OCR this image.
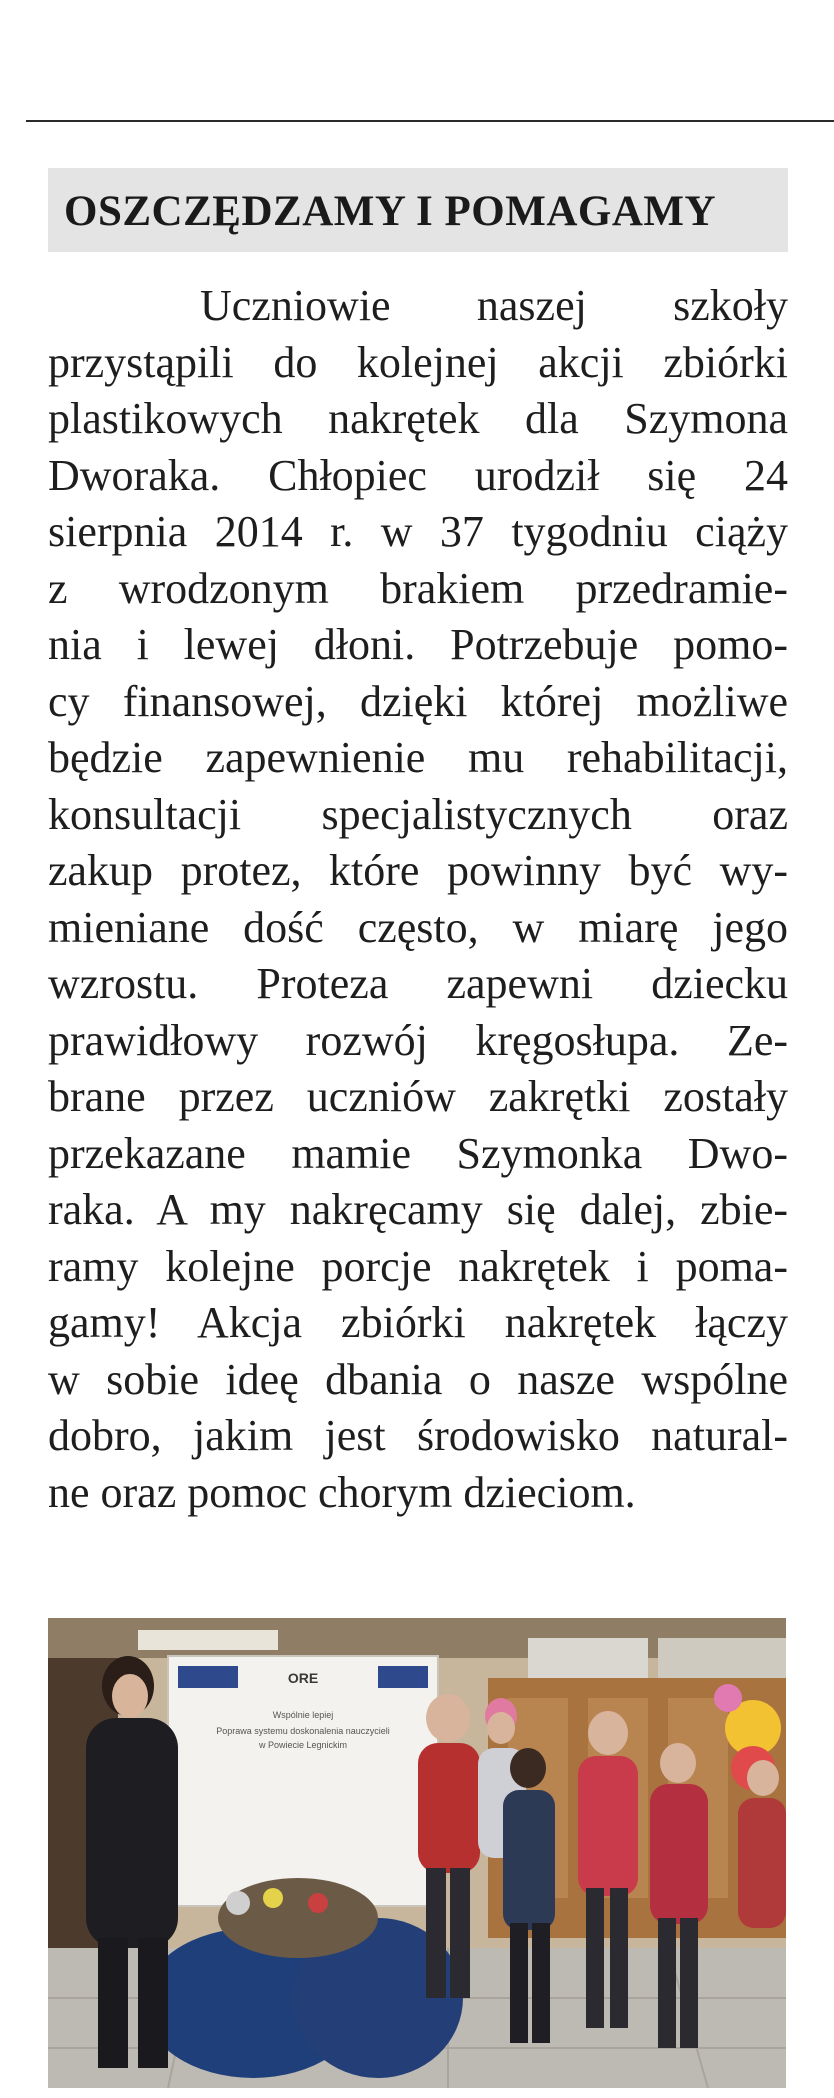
OSZCZĘDZAMY I POMAGAMY
Uczniowie naszej szkoły
przystąpili do kolejnej akcji zbiórki
plastikowych nakrętek dla Szymona
Dworaka. Chłopiec urodził się 24
sierpnia 2014 r. w 37 tygodniu ciąży
z wrodzonym brakiem przedramie-
nia i lewej dłoni. Potrzebuje pomo-
cy finansowej, dzięki której możliwe
będzie zapewnienie mu rehabilitacji,
konsultacji specjalistycznych oraz
zakup protez, które powinny być wy-
mieniane dość często, w miarę jego
wzrostu. Proteza zapewni dziecku
prawidłowy rozwój kręgosłupa. Ze-
brane przez uczniów zakrętki zostały
przekazane mamie Szymonka Dwo-
raka. A my nakręcamy się dalej, zbie-
ramy kolejne porcje nakrętek i poma-
gamy! Akcja zbiórki nakrętek łączy
w sobie ideę dbania o nasze wspólne
dobro, jakim jest środowisko natural-
ne oraz pomoc chorym dzieciom.
ORE
Wspólnie lepiej
Poprawa systemu doskonalenia nauczycieli
w Powiecie Legnickim
